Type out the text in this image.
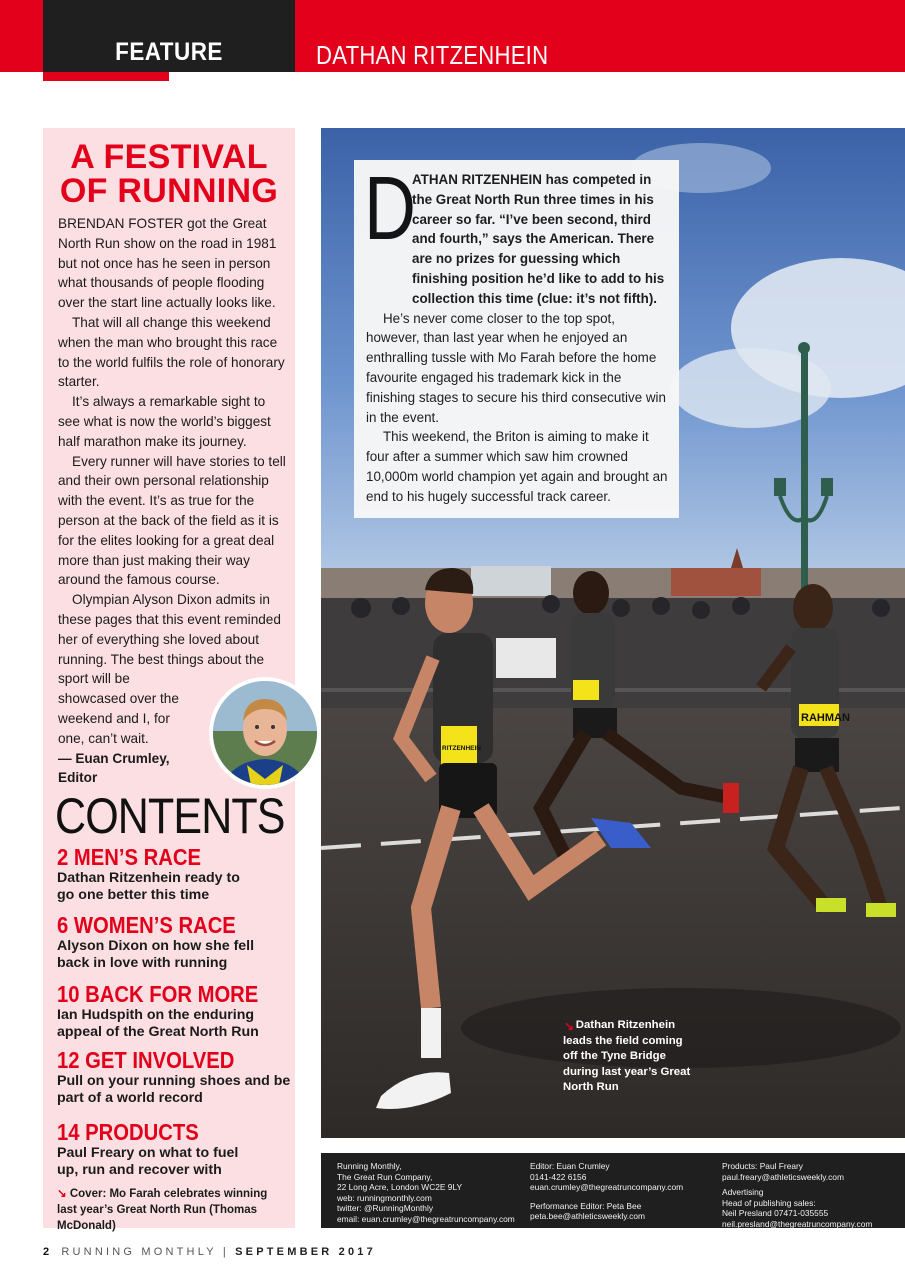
FEATURE	DATHAN RITZENHEIN
A FESTIVAL
OF RUNNING

BRENDAN FOSTER got the Great North Run show on the road in 1981 but not once has he seen in person what thousands of people flooding over the start line actually looks like.

That will all change this weekend when the man who brought this race to the world fulfils the role of honorary starter.

It’s always a remarkable sight to see what is now the world’s biggest half marathon make its journey.

Every runner will have stories to tell and their own personal relationship with the event. It’s as true for the person at the back of the field as it is for the elites looking for a great deal more than just making their way around the famous course.

Olympian Alyson Dixon admits in these pages that this event reminded her of everything she loved about running. The best things about the sport will be

showcased over the weekend and I, for one, can’t wait.

— Euan Crumley,

Editor

CONTENTS
2 MEN’S RACE
Dathan Ritzenhein ready to go one better this time
6 WOMEN’S RACE
Alyson Dixon on how she fell back in love with running
10 BACK FOR MORE
Ian Hudspith on the enduring appeal of the Great North Run
12 GET INVOLVED
Pull on your running shoes and be part of a world record
14 PRODUCTS
Paul Freary on what to fuel up, run and recover with
↘ Cover: Mo Farah celebrates winning last year’s Great North Run (Thomas McDonald)
RAHMAN
RITZENHEIN
↘
D

ATHAN RITZENHEIN has competed in the Great North Run three times in his career so far. “I’ve been second, third and fourth,” says the American. There are no prizes for guessing which finishing position he’d like to add to his collection this time (clue: it’s not fifth).

He’s never come closer to the top spot, however, than last year when he enjoyed an enthralling tussle with Mo Farah before the home favourite engaged his trademark kick in the finishing stages to secure his third consecutive win in the event.

This weekend, the Briton is aiming to make it four after a summer which saw him crowned 10,000m world champion yet again and brought an end to his hugely successful track career.

Dathan Ritzenhein leads the field coming off the Tyne Bridge during last year’s Great North Run
Running Monthly,
The Great Run Company,
22 Long Acre, London WC2E 9LY
web: runningmonthly.com
twitter: @RunningMonthly
email: euan.crumley@thegreatruncompany.com
Editor: Euan Crumley
0141-422 6156
euan.crumley@thegreatruncompany.com
Performance Editor: Peta Bee
peta.bee@athleticsweekly.com
Products: Paul Freary
paul.freary@athleticsweekly.com
Advertising
Head of publishing sales:
Neil Presland 07471-035555
neil.presland@thegreatruncompany.com
2 RUNNING MONTHLY | SEPTEMBER 2017
